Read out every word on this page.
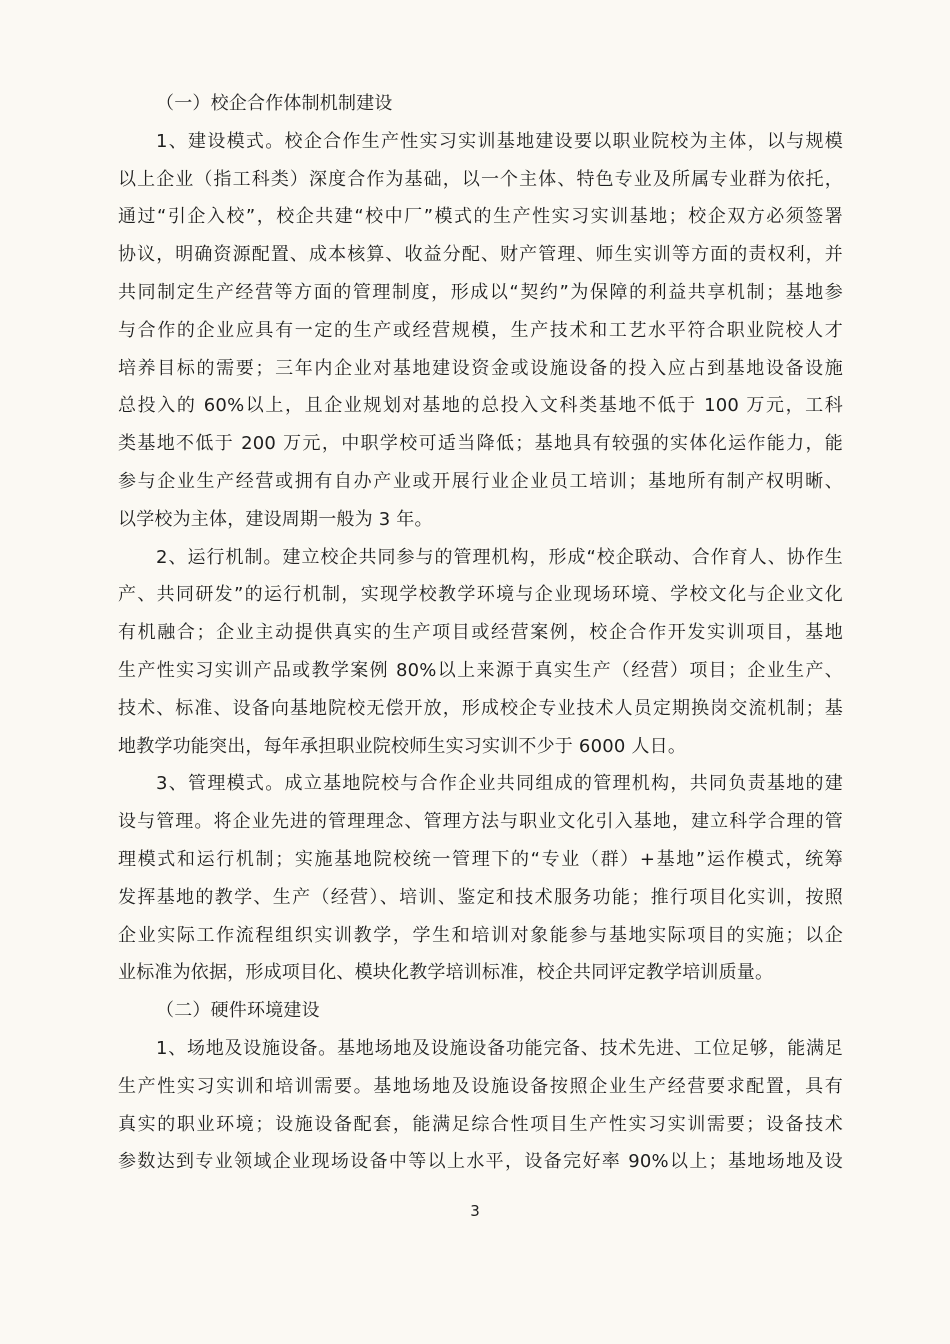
（一）校企合作体制机制建设
1、建设模式。校企合作生产性实习实训基地建设要以职业院校为主体，以与规模
以上企业（指工科类）深度合作为基础，以一个主体、特色专业及所属专业群为依托，
通过“引企入校”，校企共建“校中厂”模式的生产性实习实训基地；校企双方必须签署
协议，明确资源配置、成本核算、收益分配、财产管理、师生实训等方面的责权利，并
共同制定生产经营等方面的管理制度，形成以“契约”为保障的利益共享机制；基地参
与合作的企业应具有一定的生产或经营规模，生产技术和工艺水平符合职业院校人才
培养目标的需要；三年内企业对基地建设资金或设施设备的投入应占到基地设备设施
总投入的 60%以上，且企业规划对基地的总投入文科类基地不低于 100 万元，工科
类基地不低于 200 万元，中职学校可适当降低；基地具有较强的实体化运作能力，能
参与企业生产经营或拥有自办产业或开展行业企业员工培训；基地所有制产权明晰、
以学校为主体，建设周期一般为 3 年。
2、运行机制。建立校企共同参与的管理机构，形成“校企联动、合作育人、协作生
产、共同研发”的运行机制，实现学校教学环境与企业现场环境、学校文化与企业文化
有机融合；企业主动提供真实的生产项目或经营案例，校企合作开发实训项目，基地
生产性实习实训产品或教学案例 80%以上来源于真实生产（经营）项目；企业生产、
技术、标准、设备向基地院校无偿开放，形成校企专业技术人员定期换岗交流机制；基
地教学功能突出，每年承担职业院校师生实习实训不少于 6000 人日。
3、管理模式。成立基地院校与合作企业共同组成的管理机构，共同负责基地的建
设与管理。将企业先进的管理理念、管理方法与职业文化引入基地，建立科学合理的管
理模式和运行机制；实施基地院校统一管理下的“专业（群）+基地”运作模式，统筹
发挥基地的教学、生产（经营）、培训、鉴定和技术服务功能；推行项目化实训，按照
企业实际工作流程组织实训教学，学生和培训对象能参与基地实际项目的实施；以企
业标准为依据，形成项目化、模块化教学培训标准，校企共同评定教学培训质量。
（二）硬件环境建设
1、场地及设施设备。基地场地及设施设备功能完备、技术先进、工位足够，能满足
生产性实习实训和培训需要。基地场地及设施设备按照企业生产经营要求配置，具有
真实的职业环境；设施设备配套，能满足综合性项目生产性实习实训需要；设备技术
参数达到专业领域企业现场设备中等以上水平，设备完好率 90%以上；基地场地及设
3
